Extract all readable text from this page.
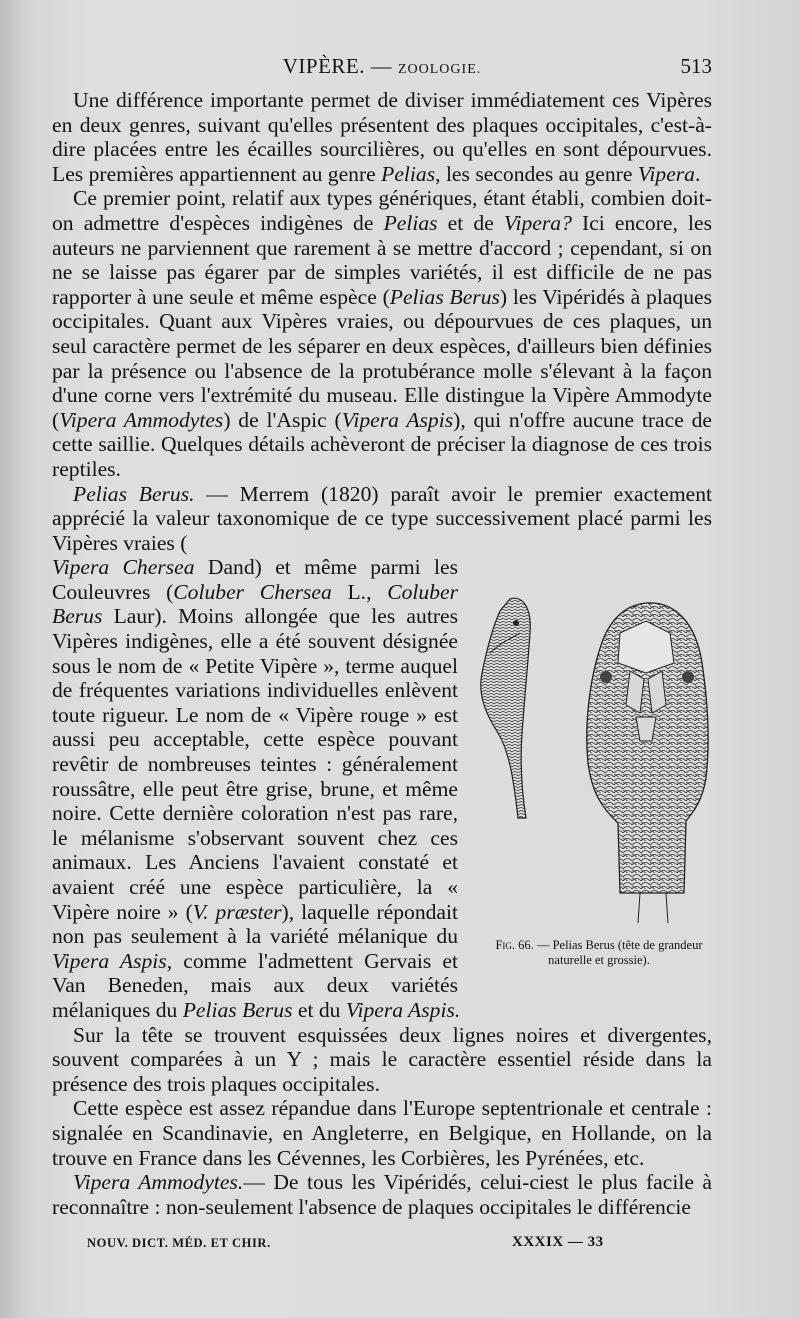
VIPÈRE. — ZOOLOGIE.	513

Une différence importante permet de diviser immédiatement ces Vipères en deux genres, suivant qu'elles présentent des plaques occipitales, c'est-à-dire placées entre les écailles sourcilières, ou qu'elles en sont dépourvues. Les premières appartiennent au genre Pelias, les secondes au genre Vipera.

Ce premier point, relatif aux types génériques, étant établi, combien doit-on admettre d'espèces indigènes de Pelias et de Vipera? Ici encore, les auteurs ne parviennent que rarement à se mettre d'accord ; cependant, si on ne se laisse pas égarer par de simples variétés, il est difficile de ne pas rapporter à une seule et même espèce (Pelias Berus) les Vipéridés à plaques occipitales. Quant aux Vipères vraies, ou dépourvues de ces plaques, un seul caractère permet de les séparer en deux espèces, d'ailleurs bien définies par la présence ou l'absence de la protubérance molle s'élevant à la façon d'une corne vers l'extrémité du museau. Elle distingue la Vipère Ammodyte (Vipera Ammodytes) de l'Aspic (Vipera Aspis), qui n'offre aucune trace de cette saillie. Quelques détails achèveront de préciser la diagnose de ces trois reptiles.

Pelias Berus. — Merrem (1820) paraît avoir le premier exactement apprécié la valeur taxonomique de ce type successivement placé parmi les Vipères vraies (

Fig. 66. — Pelias Berus (tête de grandeur naturelle et grossie).
Vipera Chersea Dand) et même parmi les Couleuvres (Coluber Chersea L., Coluber Berus Laur). Moins allongée que les autres Vipères indigènes, elle a été souvent désignée sous le nom de « Petite Vipère », terme auquel de fréquentes variations individuelles enlèvent toute rigueur. Le nom de « Vipère rouge » est aussi peu acceptable, cette espèce pouvant revêtir de nombreuses teintes : généralement roussâtre, elle peut être grise, brune, et même noire. Cette dernière coloration n'est pas rare, le mélanisme s'observant souvent chez ces animaux. Les Anciens l'avaient constaté et avaient créé une espèce particulière, la « Vipère noire » (V. præster), laquelle répondait non pas seulement à la variété mélanique du Vipera Aspis, comme l'admettent Gervais et Van Beneden, mais aux deux variétés mélaniques du Pelias Berus et du Vipera Aspis.

Sur la tête se trouvent esquissées deux lignes noires et divergentes, souvent comparées à un Y ; mais le caractère essentiel réside dans la présence des trois plaques occipitales.

Cette espèce est assez répandue dans l'Europe septentrionale et centrale : signalée en Scandinavie, en Angleterre, en Belgique, en Hollande, on la trouve en France dans les Cévennes, les Corbières, les Pyrénées, etc.

Vipera Ammodytes.— De tous les Vipéridés, celui-ciest le plus facile à reconnaître : non-seulement l'absence de plaques occipitales le différencie

NOUV. DICT. MÉD. ET CHIR.	XXXIX — 33
